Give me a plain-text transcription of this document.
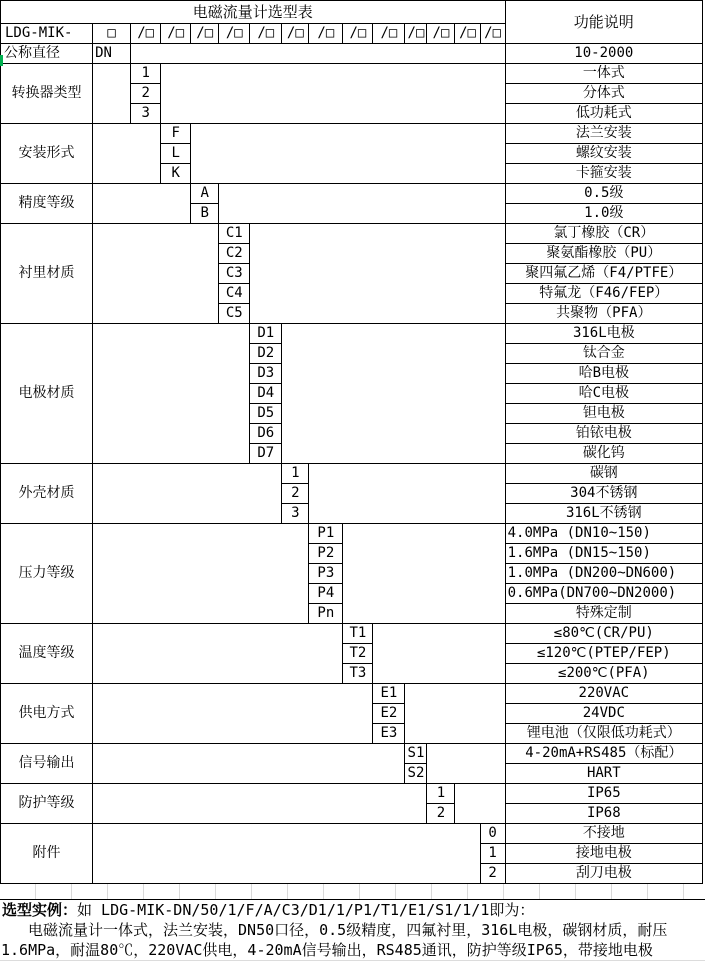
电磁流量计选型表															功能说明
LDG-MIK-	□	/□	/□	/□	/□	/□	/□	/□	/□	/□	/□	/□	/□	/□	
公称直径	DN														10-2000
转换器类型		1													一体式
		2													分体式
		3													低功耗式
安装形式			F												法兰安装
			L												螺纹安装
			K												卡箍安装
精度等级				A											0.5级
				B											1.0级
衬里材质					C1										氯丁橡胶（CR）
					C2										聚氨酯橡胶（PU）
					C3										聚四氟乙烯（F4/PTFE）
					C4										特氟龙（F46/FEP）
					C5										共聚物（PFA）
电极材质						D1									316L电极
						D2									钛合金
						D3									哈B电极
						D4									哈C电极
						D5									钽电极
						D6									铂铱电极
						D7									碳化钨
外壳材质							1								碳钢
							2								304不锈钢
							3								316L不锈钢
压力等级								P1							4.0MPa (DN10~150)
								P2							1.6MPa (DN15~150)
								P3							1.0MPa (DN200~DN600)
								P4							0.6MPa(DN700~DN2000)
								Pn							特殊定制
温度等级									T1						≤80℃(CR/PU)
									T2						≤120℃(PTEP/FEP)
									T3						≤200℃(PFA)
供电方式										E1					220VAC
										E2					24VDC
										E3					锂电池（仅限低功耗式）
信号输出											S1				4-20mA+RS485（标配）
											S2				HART
防护等级												1			IP65
												2			IP68
附件														0	不接地
														1	接地电极
														2	刮刀电极
选型实例：如 LDG-MIK-DN/50/1/F/A/C3/D1/1/P1/T1/E1/S1/1/1即为：
电磁流量计一体式，法兰安装，DN50口径，0.5级精度，四氟衬里，316L电极，碳钢材质，耐压
1.6MPa，耐温80℃，220VAC供电，4-20mA信号输出，RS485通讯，防护等级IP65，带接地电极
